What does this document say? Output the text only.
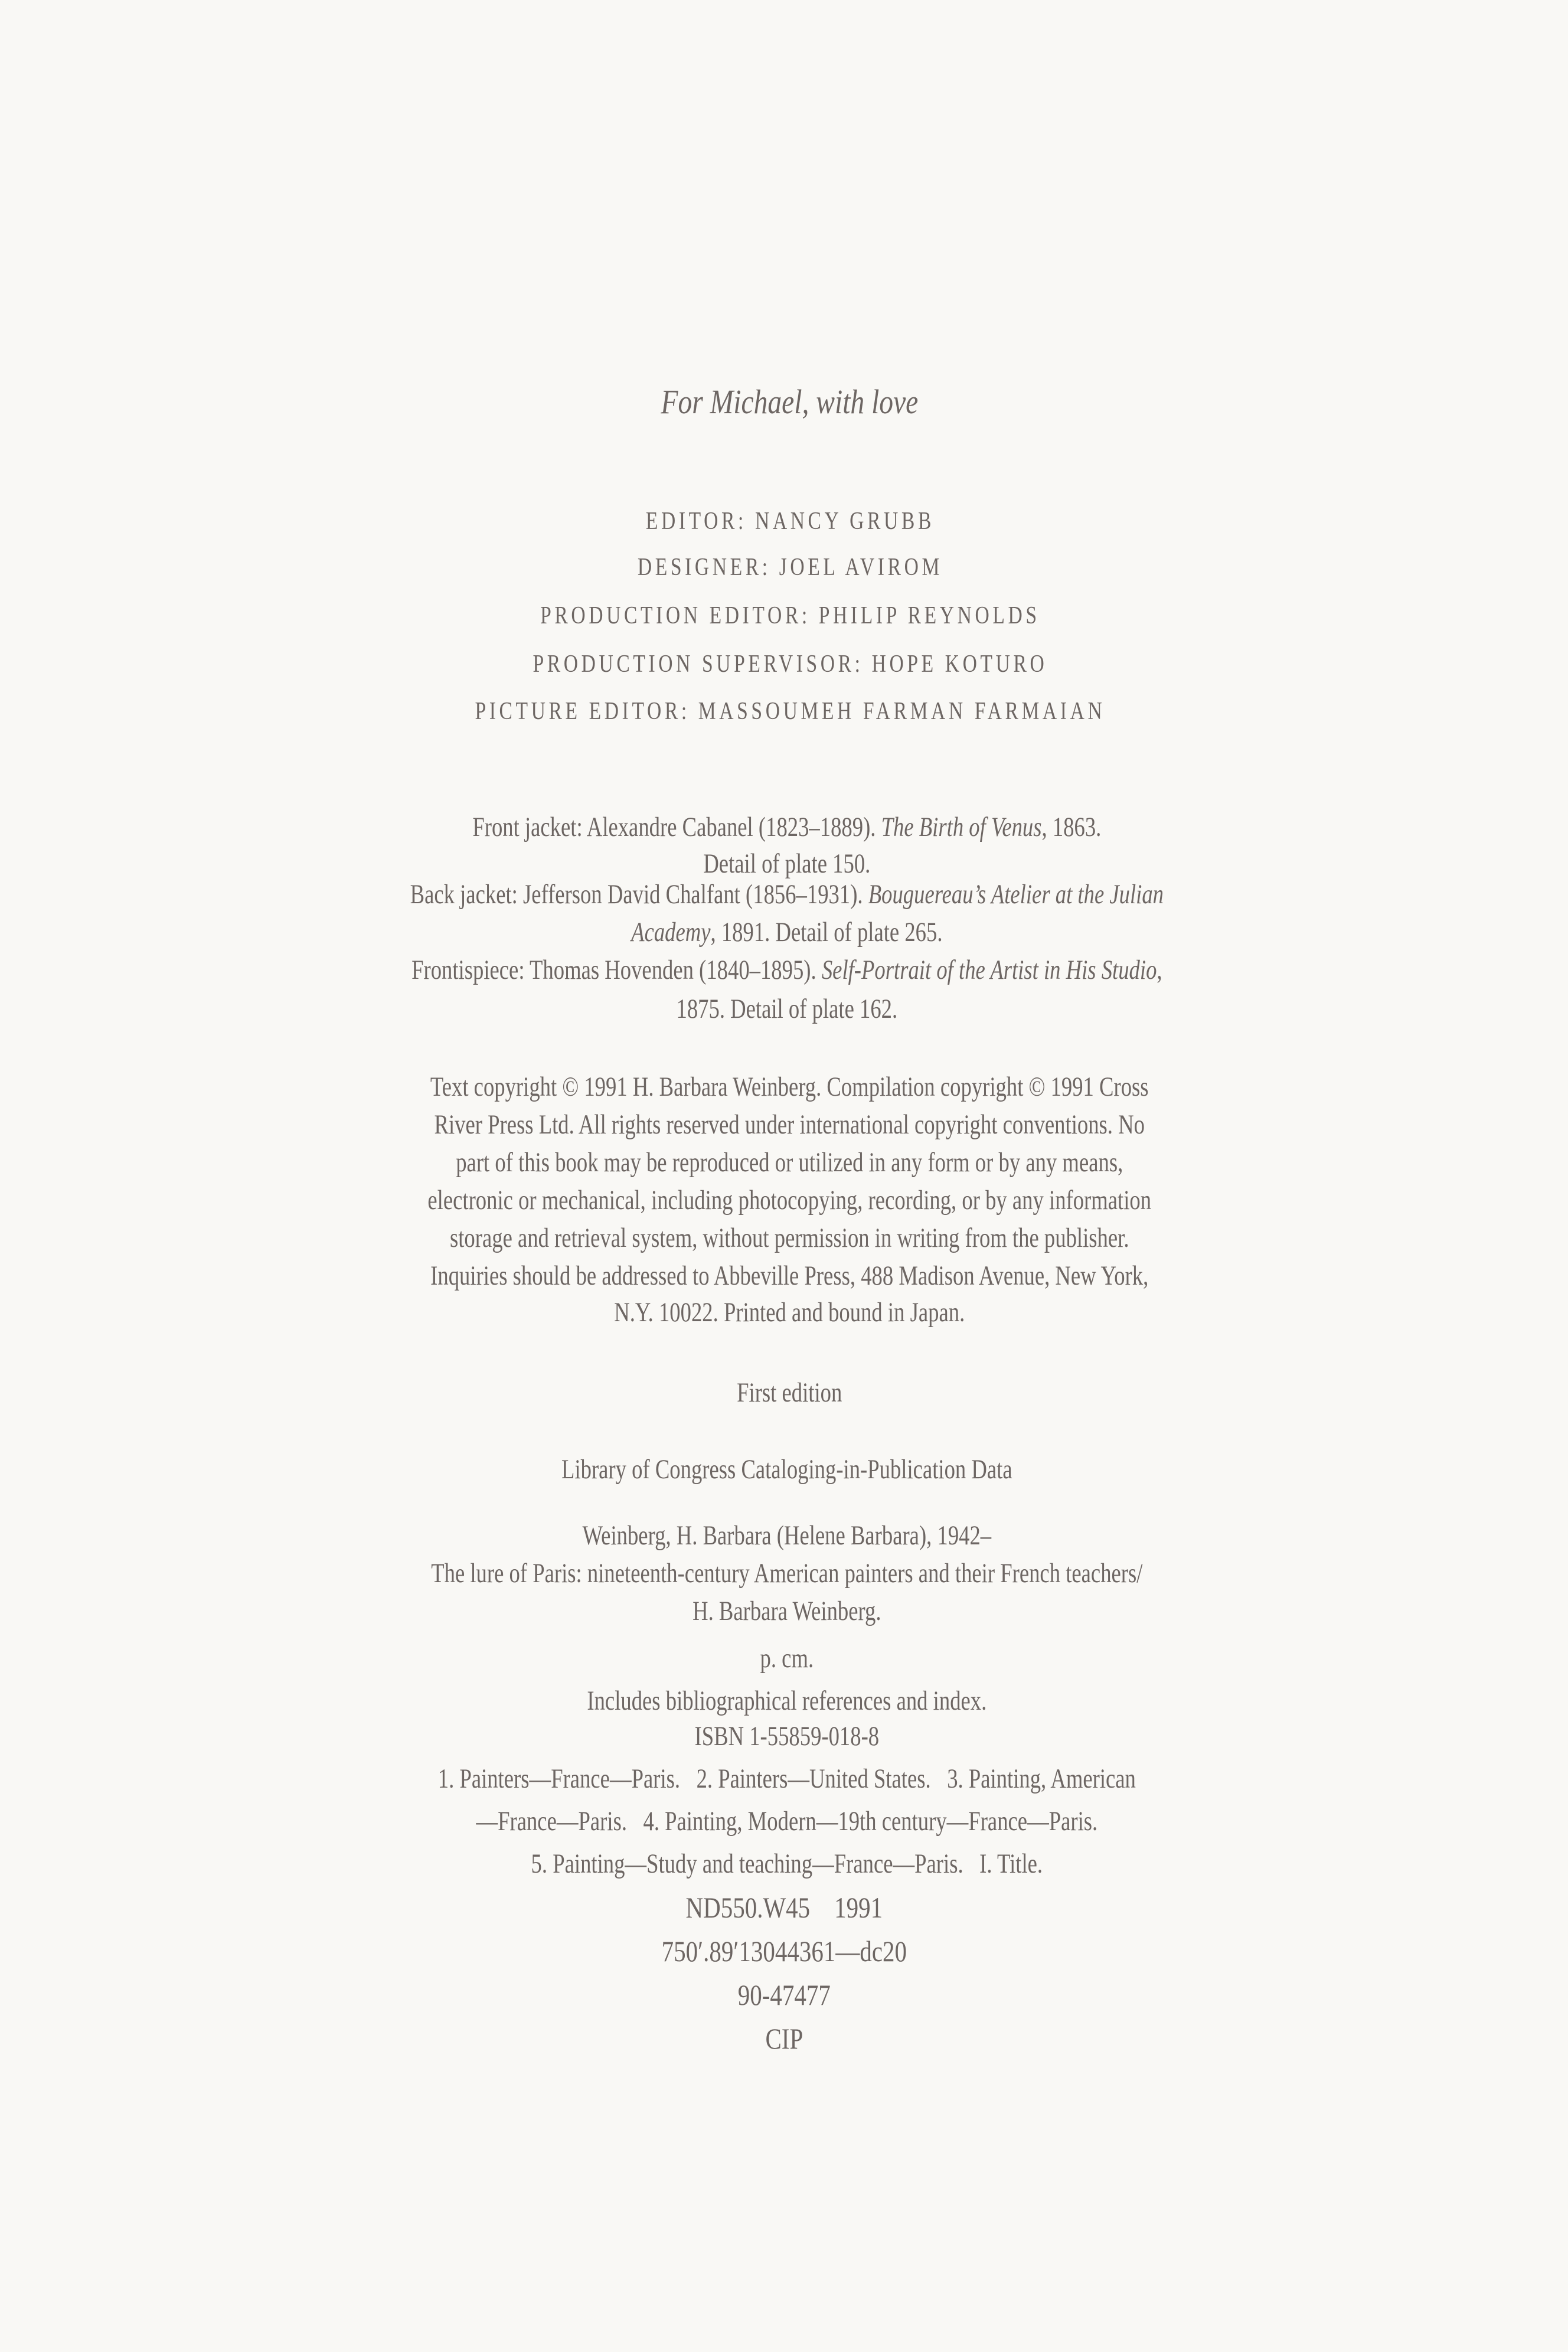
For Michael, with love
EDITOR: NANCY GRUBB
DESIGNER: JOEL AVIROM
PRODUCTION EDITOR: PHILIP REYNOLDS
PRODUCTION SUPERVISOR: HOPE KOTURO
PICTURE EDITOR: MASSOUMEH FARMAN FARMAIAN
Front jacket: Alexandre Cabanel (1823–1889). The Birth of Venus, 1863.
Detail of plate 150.
Back jacket: Jefferson David Chalfant (1856–1931). Bouguereau’s Atelier at the Julian
Academy, 1891. Detail of plate 265.
Frontispiece: Thomas Hovenden (1840–1895). Self-Portrait of the Artist in His Studio,
1875. Detail of plate 162.
Text copyright © 1991 H. Barbara Weinberg. Compilation copyright © 1991 Cross
River Press Ltd. All rights reserved under international copyright conventions. No
part of this book may be reproduced or utilized in any form or by any means,
electronic or mechanical, including photocopying, recording, or by any information
storage and retrieval system, without permission in writing from the publisher.
Inquiries should be addressed to Abbeville Press, 488 Madison Avenue, New York,
N.Y. 10022. Printed and bound in Japan.
First edition
Library of Congress Cataloging-in-Publication Data
Weinberg, H. Barbara (Helene Barbara), 1942–
The lure of Paris: nineteenth-century American painters and their French teachers/
H. Barbara Weinberg.
p. cm.
Includes bibliographical references and index.
ISBN 1-55859-018-8
1. Painters—France—Paris.   2. Painters—United States.   3. Painting, American
—France—Paris.   4. Painting, Modern—19th century—France—Paris.
5. Painting—Study and teaching—France—Paris.   I. Title.
ND550.W45    1991
750′.89′13044361—dc20
90-47477
CIP
